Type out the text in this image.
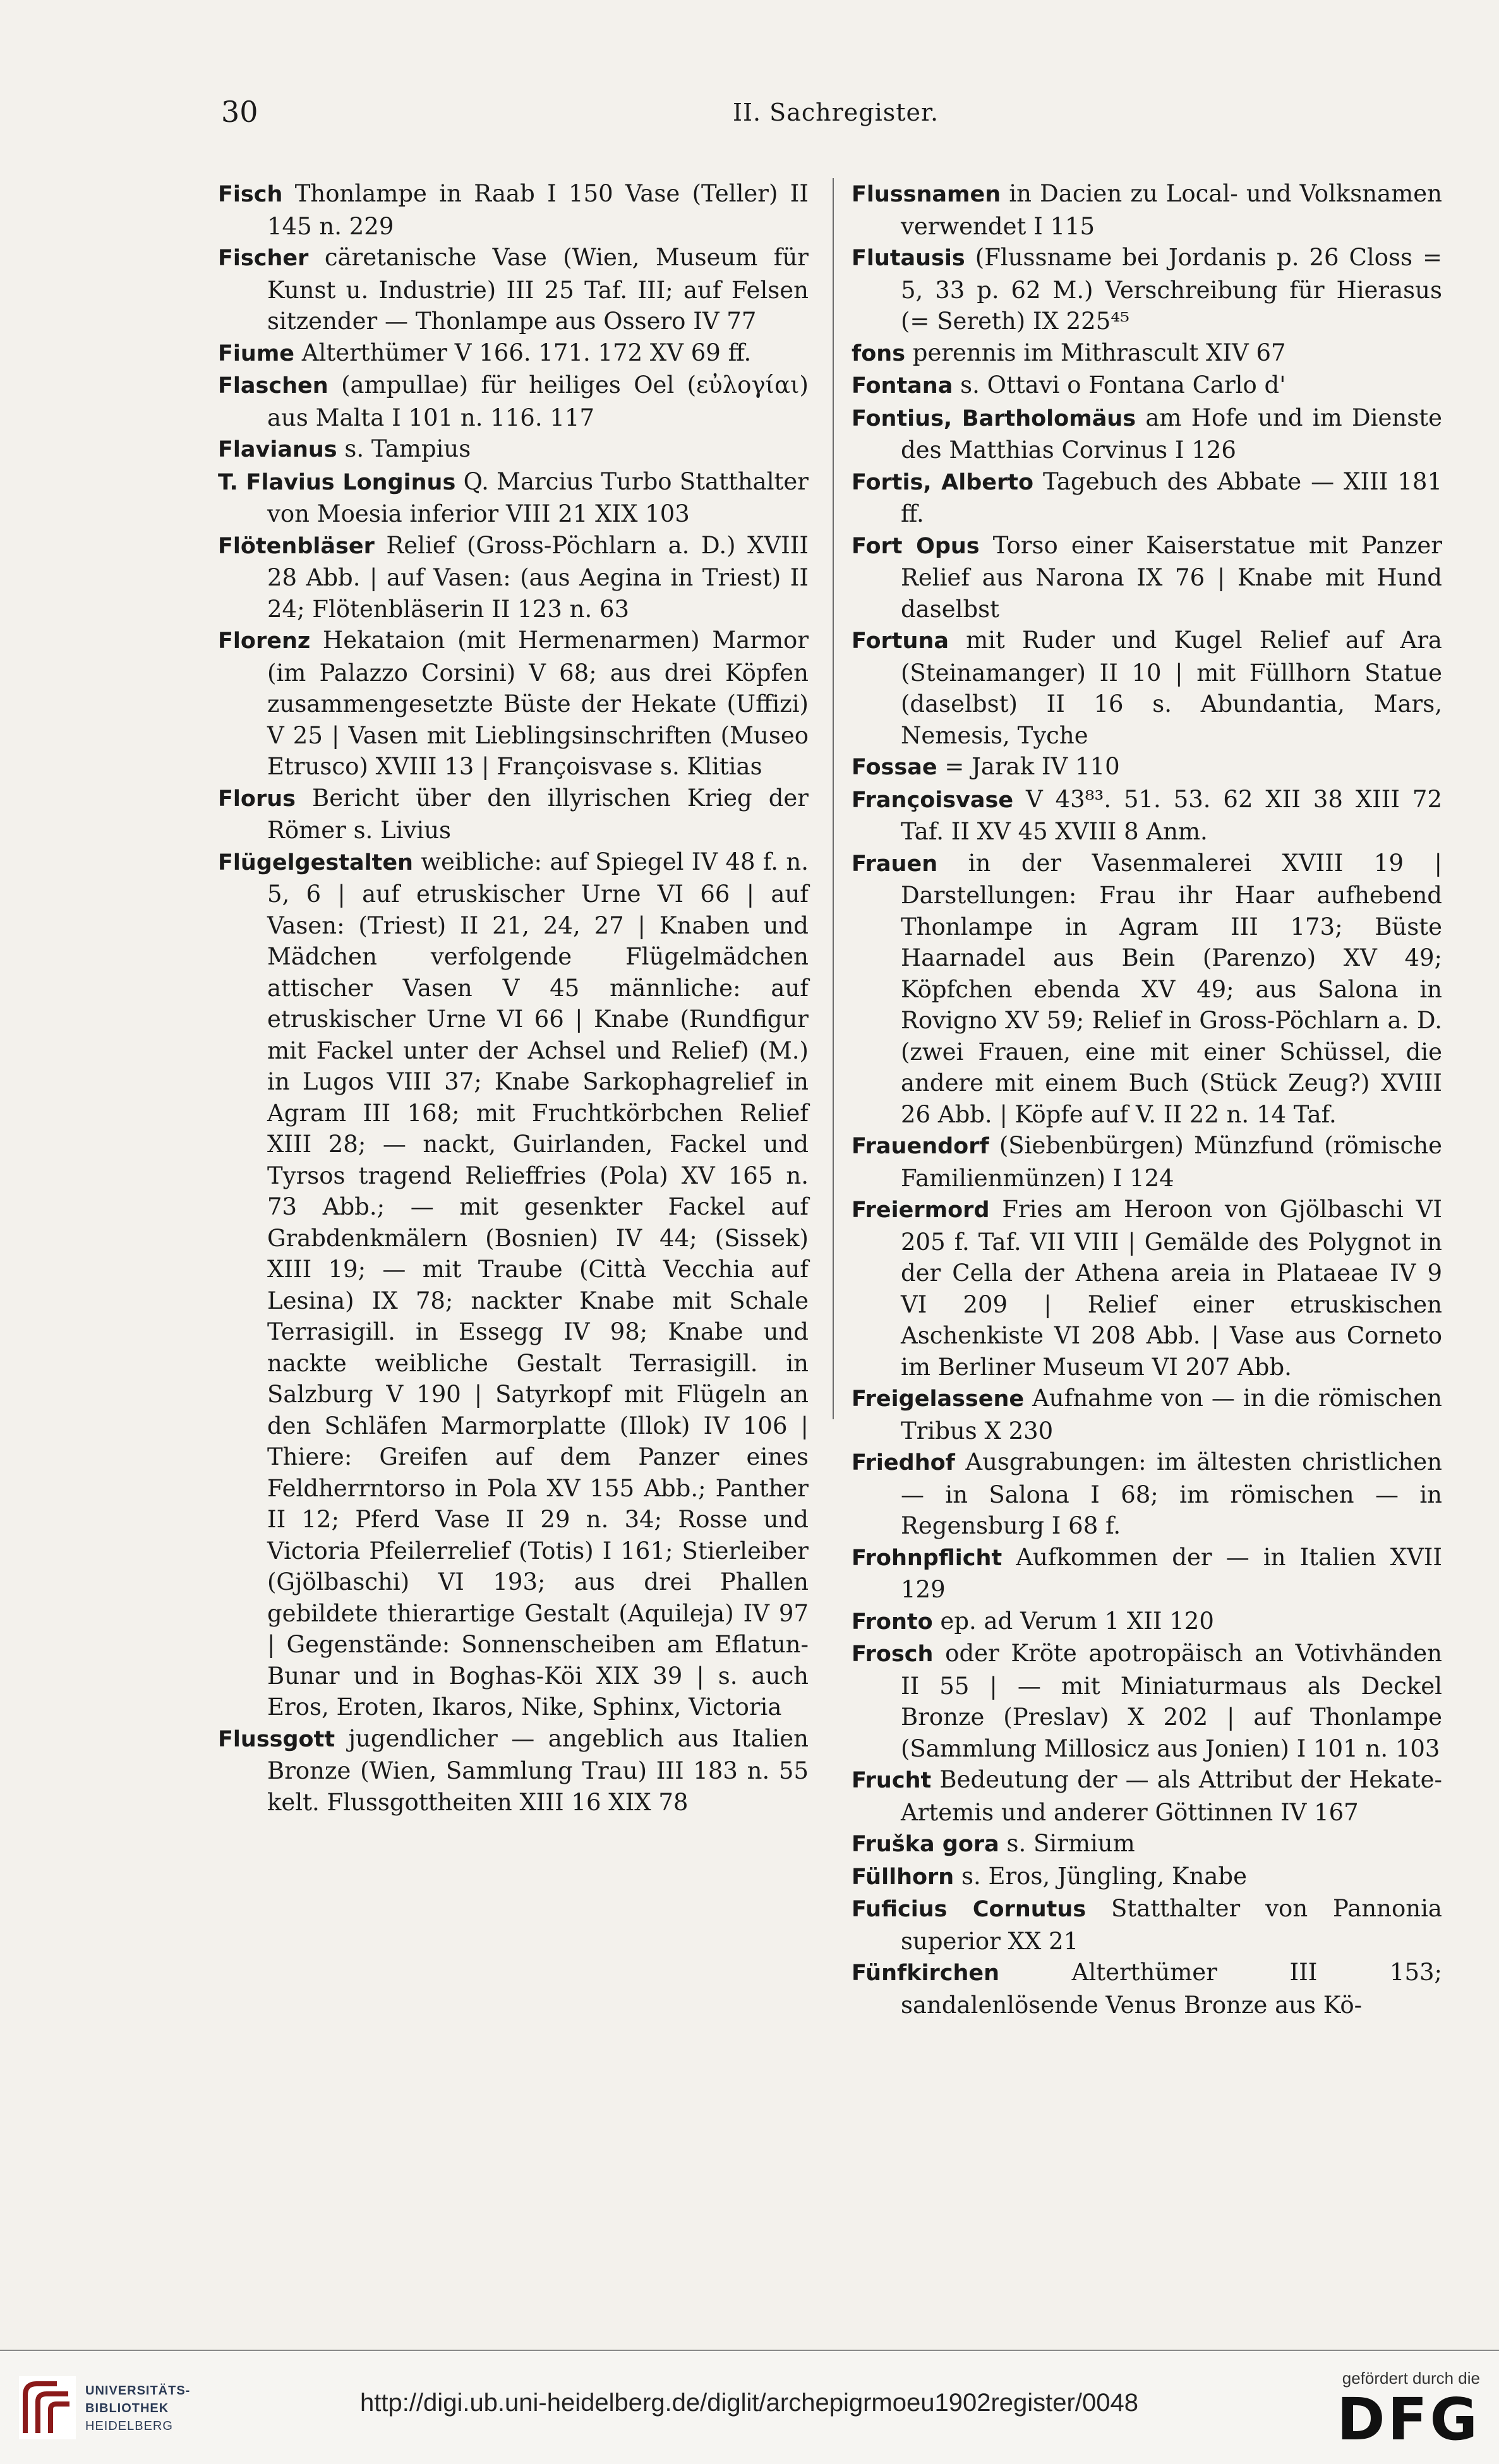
30	II. Sachregister.
Fisch Thonlampe in Raab I 150 Vase (Teller) II 145 n. 229
Fischer cäretanische Vase (Wien, Museum für Kunst u. Industrie) III 25 Taf. III; auf Felsen sitzender — Thonlampe aus Ossero IV 77
Fiume Alterthümer V 166. 171. 172 XV 69 ff.
Flaschen (ampullae) für heiliges Oel (εὐλογίαι) aus Malta I 101 n. 116. 117
Flavianus s. Tampius
T. Flavius Longinus Q. Marcius Turbo Statthalter von Moesia inferior VIII 21 XIX 103
Flötenbläser Relief (Gross-Pöchlarn a. D.) XVIII 28 Abb. | auf Vasen: (aus Aegina in Triest) II 24; Flötenbläserin II 123 n. 63
Florenz Hekataion (mit Hermenarmen) Marmor (im Palazzo Corsini) V 68; aus drei Köpfen zusammengesetzte Büste der Hekate (Uffizi) V 25 | Vasen mit Lieblingsinschriften (Museo Etrusco) XVIII 13 | Françoisvase s. Klitias
Florus Bericht über den illyrischen Krieg der Römer s. Livius
Flügelgestalten weibliche: auf Spiegel IV 48 f. n. 5, 6 | auf etruskischer Urne VI 66 | auf Vasen: (Triest) II 21, 24, 27 | Knaben und Mädchen verfolgende Flügelmädchen attischer Vasen V 45 männliche: auf etruskischer Urne VI 66 | Knabe (Rundfigur mit Fackel unter der Achsel und Relief) (M.) in Lugos VIII 37; Knabe Sarkophagrelief in Agram III 168; mit Fruchtkörbchen Relief XIII 28; — nackt, Guirlanden, Fackel und Tyrsos tragend Relieffries (Pola) XV 165 n. 73 Abb.; — mit gesenkter Fackel auf Grabdenkmälern (Bosnien) IV 44; (Sissek) XIII 19; — mit Traube (Città Vecchia auf Lesina) IX 78; nackter Knabe mit Schale Terrasigill. in Essegg IV 98; Knabe und nackte weibliche Gestalt Terrasigill. in Salzburg V 190 | Satyrkopf mit Flügeln an den Schläfen Marmorplatte (Illok) IV 106 | Thiere: Greifen auf dem Panzer eines Feldherrntorso in Pola XV 155 Abb.; Panther II 12; Pferd Vase II 29 n. 34; Rosse und Victoria Pfeilerrelief (Totis) I 161; Stierleiber (Gjölbaschi) VI 193; aus drei Phallen gebildete thierartige Gestalt (Aquileja) IV 97 | Gegenstände: Sonnenscheiben am Eflatun-Bunar und in Boghas-Köi XIX 39 | s. auch Eros, Eroten, Ikaros, Nike, Sphinx, Victoria
Flussgott jugendlicher — angeblich aus Italien Bronze (Wien, Sammlung Trau) III 183 n. 55 kelt. Flussgottheiten XIII 16 XIX 78
Flussnamen in Dacien zu Local- und Volksnamen verwendet I 115
Flutausis (Flussname bei Jordanis p. 26 Closs = 5, 33 p. 62 M.) Verschreibung für Hierasus (= Sereth) IX 225⁴⁵
fons perennis im Mithrascult XIV 67
Fontana s. Ottavi o Fontana Carlo d'
Fontius, Bartholomäus am Hofe und im Dienste des Matthias Corvinus I 126
Fortis, Alberto Tagebuch des Abbate — XIII 181 ff.
Fort Opus Torso einer Kaiserstatue mit Panzer Relief aus Narona IX 76 | Knabe mit Hund daselbst
Fortuna mit Ruder und Kugel Relief auf Ara (Steinamanger) II 10 | mit Füllhorn Statue (daselbst) II 16 s. Abundantia, Mars, Nemesis, Tyche
Fossae = Jarak IV 110
Françoisvase V 43⁸³. 51. 53. 62 XII 38 XIII 72 Taf. II XV 45 XVIII 8 Anm.
Frauen in der Vasenmalerei XVIII 19 | Darstellungen: Frau ihr Haar aufhebend Thonlampe in Agram III 173; Büste Haarnadel aus Bein (Parenzo) XV 49; Köpfchen ebenda XV 49; aus Salona in Rovigno XV 59; Relief in Gross-Pöchlarn a. D. (zwei Frauen, eine mit einer Schüssel, die andere mit einem Buch (Stück Zeug?) XVIII 26 Abb. | Köpfe auf V. II 22 n. 14 Taf.
Frauendorf (Siebenbürgen) Münzfund (römische Familienmünzen) I 124
Freiermord Fries am Heroon von Gjölbaschi VI 205 f. Taf. VII VIII | Gemälde des Polygnot in der Cella der Athena areia in Plataeae IV 9 VI 209 | Relief einer etruskischen Aschenkiste VI 208 Abb. | Vase aus Corneto im Berliner Museum VI 207 Abb.
Freigelassene Aufnahme von — in die römischen Tribus X 230
Friedhof Ausgrabungen: im ältesten christlichen — in Salona I 68; im römischen — in Regensburg I 68 f.
Frohnpflicht Aufkommen der — in Italien XVII 129
Fronto ep. ad Verum 1 XII 120
Frosch oder Kröte apotropäisch an Votivhänden II 55 | — mit Miniaturmaus als Deckel Bronze (Preslav) X 202 | auf Thonlampe (Sammlung Millosicz aus Jonien) I 101 n. 103
Frucht Bedeutung der — als Attribut der Hekate-Artemis und anderer Göttinnen IV 167
Fruška gora s. Sirmium
Füllhorn s. Eros, Jüngling, Knabe
Fuficius Cornutus Statthalter von Pannonia superior XX 21
Fünfkirchen Alterthümer III 153; sandalenlösende Venus Bronze aus Kö-
UNIVERSITÄTS-
BIBLIOTHEK
HEIDELBERG
http://digi.ub.uni-heidelberg.de/diglit/archepigrmoeu1902register/0048
gefördert durch die
DFG
